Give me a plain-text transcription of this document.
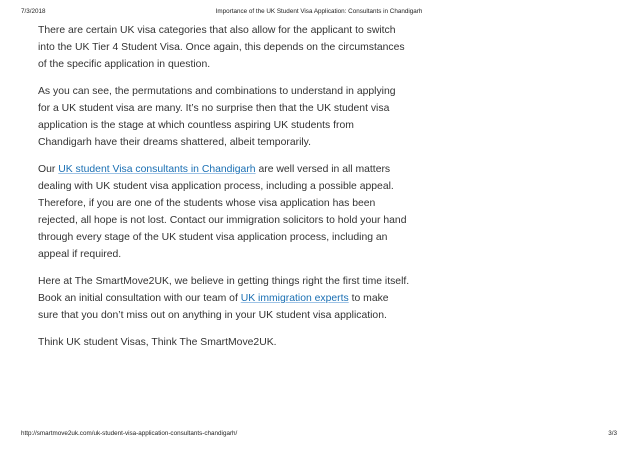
7/3/2018	Importance of the UK Student Visa Application: Consultants in Chandigarh

There are certain UK visa categories that also allow for the applicant to switch into the UK Tier 4 Student Visa. Once again, this depends on the circumstances of the specific application in question.

As you can see, the permutations and combinations to understand in applying for a UK student visa are many. It’s no surprise then that the UK student visa application is the stage at which countless aspiring UK students from Chandigarh have their dreams shattered, albeit temporarily.

Our UK student Visa consultants in Chandigarh are well versed in all matters dealing with UK student visa application process, including a possible appeal. Therefore, if you are one of the students whose visa application has been rejected, all hope is not lost. Contact our immigration solicitors to hold your hand through every stage of the UK student visa application process, including an appeal if required.

Here at The SmartMove2UK, we believe in getting things right the first time itself. Book an initial consultation with our team of UK immigration experts to make sure that you don’t miss out on anything in your UK student visa application.

Think UK student Visas, Think The SmartMove2UK.

http://smartmove2uk.com/uk-student-visa-application-consultants-chandigarh/	3/3
